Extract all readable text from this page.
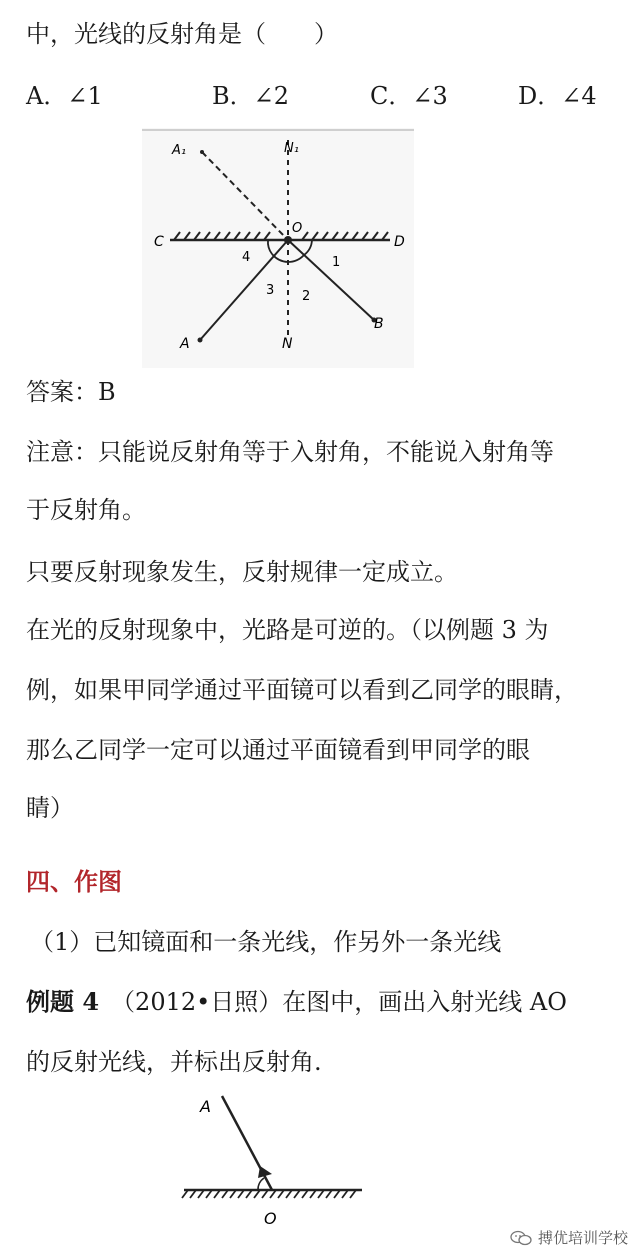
中，光线的反射角是（　　）
A．∠1	B．∠2	C．∠3	D．∠4
A₁	N₁
O
C	D
A
B
N
1
2
3
4
答案：B
注意：只能说反射角等于入射角，不能说入射角等
于反射角。
只要反射现象发生，反射规律一定成立。
在光的反射现象中，光路是可逆的。（以例题 3 为
例，如果甲同学通过平面镜可以看到乙同学的眼睛，
那么乙同学一定可以通过平面镜看到甲同学的眼
睛）
四、作图
（1）已知镜面和一条光线，作另外一条光线
例题 4　（2012•日照）在图中，画出入射光线 AO
的反射光线，并标出反射角.
A
O
搏优培训学校
